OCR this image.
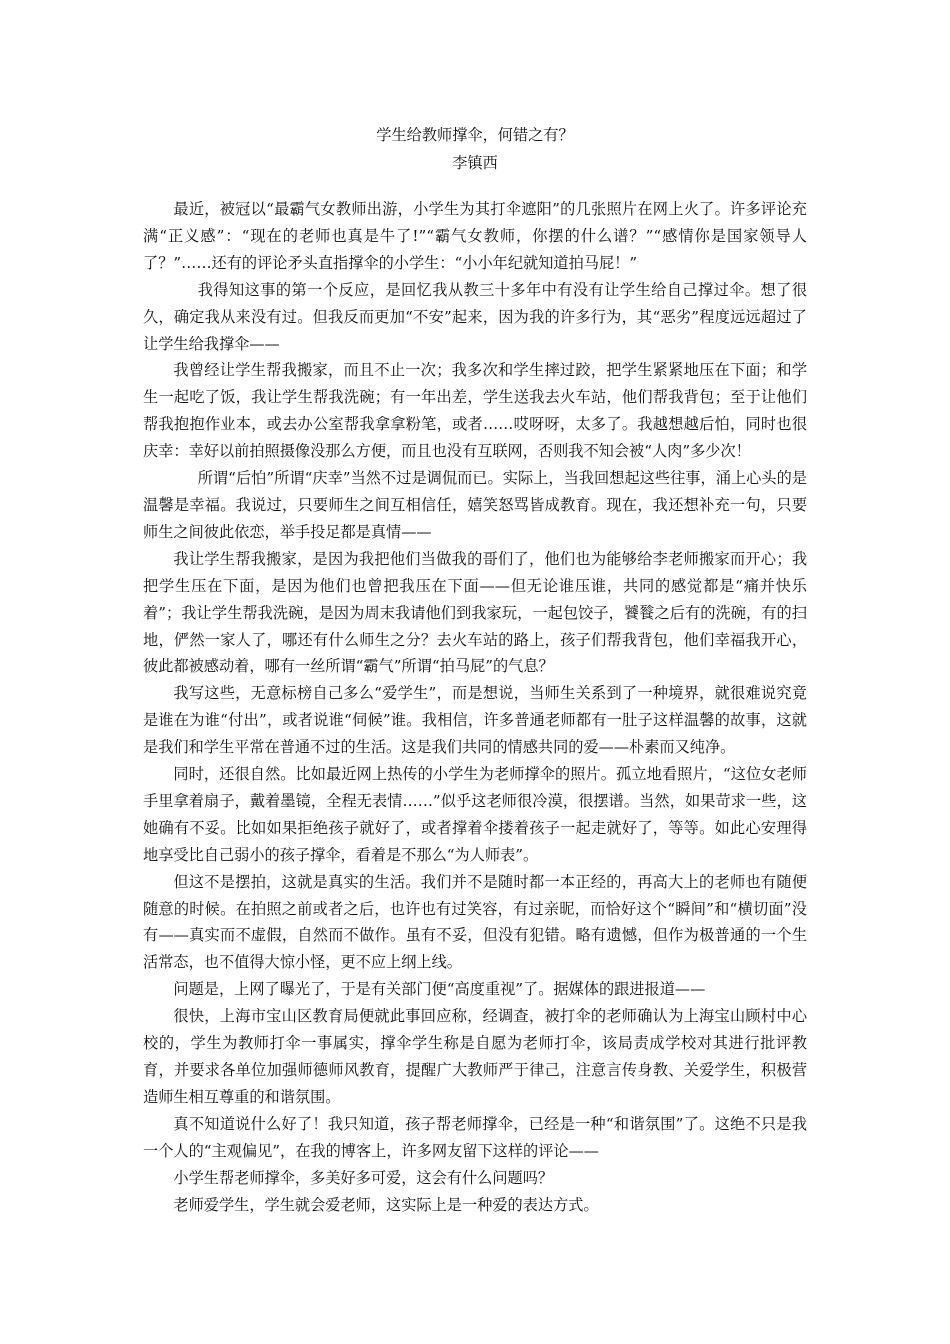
学生给教师撑伞，何错之有？
李镇西

最近，被冠以“最霸气女教师出游，小学生为其打伞遮阳”的几张照片在网上火了。许多评论充满“正义感”：“现在的老师也真是牛了!”“霸气女教师，你摆的什么谱？”“感情你是国家领导人了？”……还有的评论矛头直指撑伞的小学生：“小小年纪就知道拍马屁！”

我得知这事的第一个反应，是回忆我从教三十多年中有没有让学生给自己撑过伞。想了很久，确定我从来没有过。但我反而更加“不安”起来，因为我的许多行为，其“恶劣”程度远远超过了让学生给我撑伞——

我曾经让学生帮我搬家，而且不止一次；我多次和学生摔过跤，把学生紧紧地压在下面；和学生一起吃了饭，我让学生帮我洗碗；有一年出差，学生送我去火车站，他们帮我背包；至于让他们帮我抱抱作业本，或去办公室帮我拿拿粉笔，或者……哎呀呀，太多了。我越想越后怕，同时也很庆幸：幸好以前拍照摄像没那么方便，而且也没有互联网，否则我不知会被“人肉”多少次！

所谓“后怕”所谓“庆幸”当然不过是调侃而已。实际上，当我回想起这些往事，涌上心头的是温馨是幸福。我说过，只要师生之间互相信任，嬉笑怒骂皆成教育。现在，我还想补充一句，只要师生之间彼此依恋，举手投足都是真情——

我让学生帮我搬家，是因为我把他们当做我的哥们了，他们也为能够给李老师搬家而开心；我把学生压在下面，是因为他们也曾把我压在下面——但无论谁压谁，共同的感觉都是“痛并快乐着”；我让学生帮我洗碗，是因为周末我请他们到我家玩，一起包饺子，饕餮之后有的洗碗，有的扫地，俨然一家人了，哪还有什么师生之分？去火车站的路上，孩子们帮我背包，他们幸福我开心，彼此都被感动着，哪有一丝所谓“霸气”所谓“拍马屁”的气息？

我写这些，无意标榜自己多么“爱学生”，而是想说，当师生关系到了一种境界，就很难说究竟是谁在为谁“付出”，或者说谁“伺候”谁。我相信，许多普通老师都有一肚子这样温馨的故事，这就是我们和学生平常在普通不过的生活。这是我们共同的情感共同的爱——朴素而又纯净。

同时，还很自然。比如最近网上热传的小学生为老师撑伞的照片。孤立地看照片，“这位女老师手里拿着扇子，戴着墨镜，全程无表情……”似乎这老师很冷漠，很摆谱。当然，如果苛求一些，这她确有不妥。比如如果拒绝孩子就好了，或者撑着伞搂着孩子一起走就好了，等等。如此心安理得地享受比自己弱小的孩子撑伞，看着是不那么“为人师表”。

但这不是摆拍，这就是真实的生活。我们并不是随时都一本正经的，再高大上的老师也有随便随意的时候。在拍照之前或者之后，也许也有过笑容，有过亲昵，而恰好这个“瞬间”和“横切面”没有——真实而不虚假，自然而不做作。虽有不妥，但没有犯错。略有遗憾，但作为极普通的一个生活常态，也不值得大惊小怪，更不应上纲上线。

问题是，上网了曝光了，于是有关部门便“高度重视”了。据媒体的跟进报道——

很快，上海市宝山区教育局便就此事回应称，经调查，被打伞的老师确认为上海宝山顾村中心校的，学生为教师打伞一事属实，撑伞学生称是自愿为老师打伞，该局责成学校对其进行批评教育，并要求各单位加强师德师风教育，提醒广大教师严于律己，注意言传身教、关爱学生，积极营造师生相互尊重的和谐氛围。

真不知道说什么好了！我只知道，孩子帮老师撑伞，已经是一种“和谐氛围”了。这绝不只是我一个人的“主观偏见”，在我的博客上，许多网友留下这样的评论——

小学生帮老师撑伞，多美好多可爱，这会有什么问题吗？

老师爱学生，学生就会爱老师，这实际上是一种爱的表达方式。
